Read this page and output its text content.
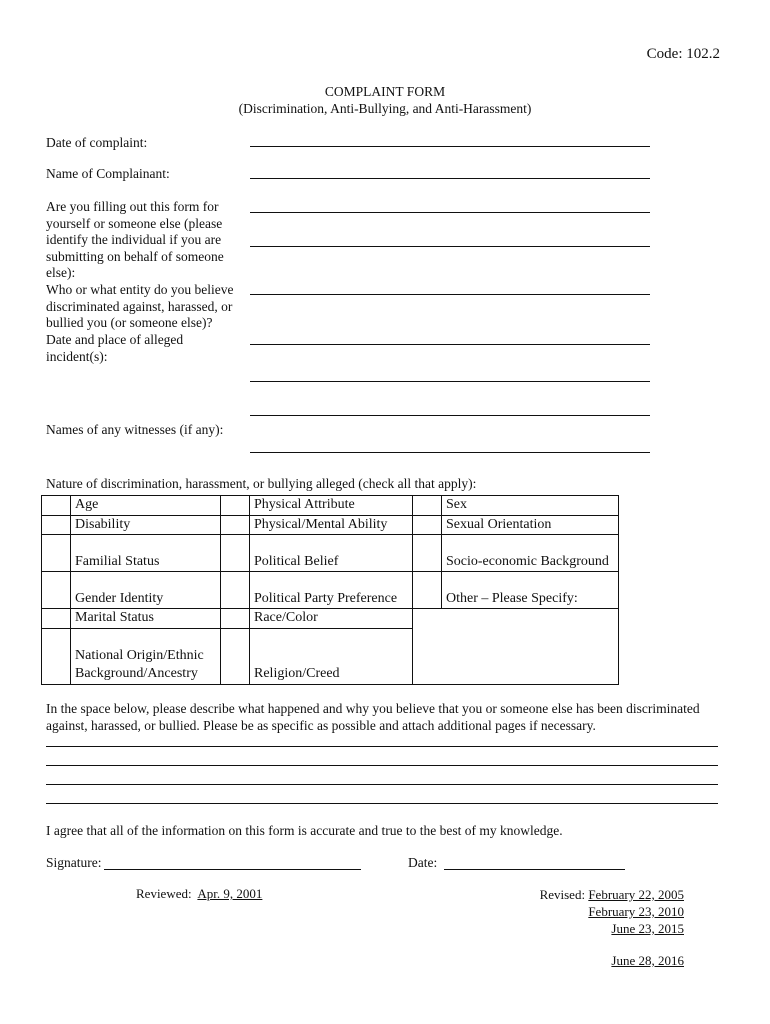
Code: 102.2
COMPLAINT FORM
(Discrimination, Anti-Bullying, and Anti-Harassment)
Date of complaint:
Name of Complainant:
Are you filling out this form for yourself or someone else (please identify the individual if you are submitting on behalf of someone else):
Who or what entity do you believe discriminated against, harassed, or bullied you (or someone else)?
Date and place of alleged incident(s):
Names of any witnesses (if any):
Nature of discrimination, harassment, or bullying alleged (check all that apply):
	Age		Physical Attribute		Sex
	Disability		Physical/Mental Ability		Sexual Orientation
	Familial Status		Political Belief		Socio-economic Background
	Gender Identity		Political Party Preference		Other – Please Specify:
	Marital Status		Race/Color		
	National Origin/Ethnic Background/Ancestry		Religion/Creed		
In the space below, please describe what happened and why you believe that you or someone else has been discriminated against, harassed, or bullied. Please be as specific as possible and attach additional pages if necessary.
I agree that all of the information on this form is accurate and true to the best of my knowledge.
Signature:	Date:
Reviewed: Apr. 9, 2001	Revised: February 22, 2005
February 23, 2010
June 23, 2015
June 28, 2016
